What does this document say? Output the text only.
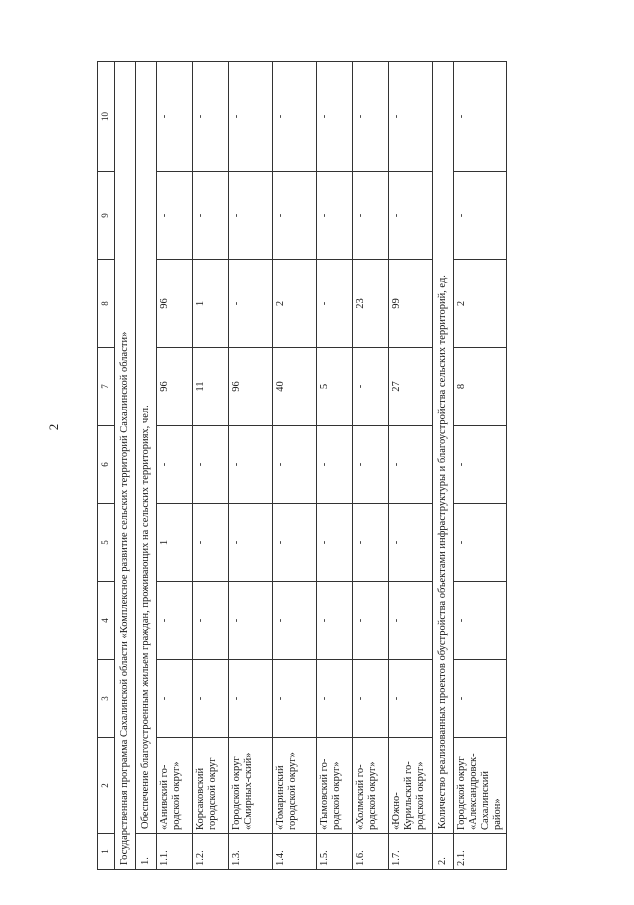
2
1	2	3	4	5	6	7	8	9	10
Государственная программа Сахалинской области «Комплексное развитие сельских территорий Сахалинской области»									
1.	Обеспечение благоустроенным жильем граждан, проживающих на сельских территориях, чел.								
1.1.	«Анивский го-родской округ»	-	-	1	-	96	96	-	-
1.2.	Корсаковский городской округ	-	-	-	-	11	1	-	-
1.3.	Городской округ «Смирных-ский»	-	-	-	-	96	-	-	-
1.4.	«Томаринский городской округ»	-	-	-	-	40	2	-	-
1.5.	«Тымовский го-родской округ»	-	-	-	-	5	-	-	-
1.6.	«Холмский го-родской округ»	-	-	-	-	-	23	-	-
1.7.	«Южно-Курильский го-родской округ»	-	-	-	-	27	99	-	-
2.	Количество реализованных проектов обустройства объектами инфраструктуры и благоустройства сельских территорий, ед.								
2.1.	Городской округ «Александровск-Сахалинский район»	-	-	-	-	8	2	-	-
